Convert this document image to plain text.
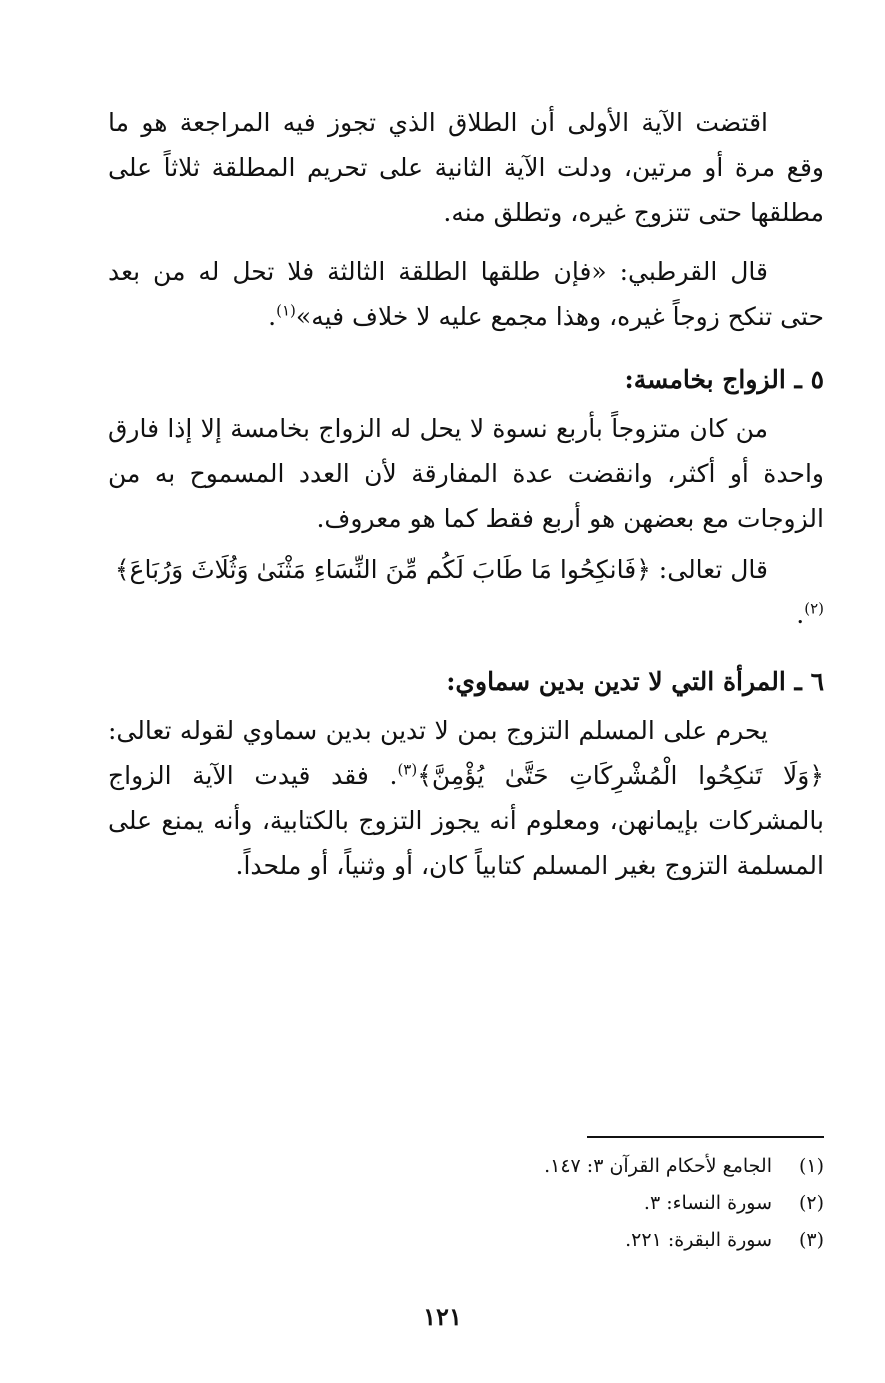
اقتضت الآية الأولى أن الطلاق الذي تجوز فيه المراجعة هو ما وقع مرة أو مرتين، ودلت الآية الثانية على تحريم المطلقة ثلاثاً على مطلقها حتى تتزوج غيره، وتطلق منه.

قال القرطبي: «فإن طلقها الطلقة الثالثة فلا تحل له من بعد حتى تنكح زوجاً غيره، وهذا مجمع عليه لا خلاف فيه»$^{(١)}$.

٥ ـ الزواج بخامسة:

من كان متزوجاً بأربع نسوة لا يحل له الزواج بخامسة إلا إذا فارق واحدة أو أكثر، وانقضت عدة المفارقة لأن العدد المسموح به من الزوجات مع بعضهن هو أربع فقط كما هو معروف.

قال تعالى: ﴿فَانكِحُوا مَا طَابَ لَكُم مِّنَ النِّسَاءِ مَثْنَىٰ وَثُلَاثَ وَرُبَاعَ﴾$^{(٢)}$.

٦ ـ المرأة التي لا تدين بدين سماوي:

يحرم على المسلم التزوج بمن لا تدين بدين سماوي لقوله تعالى: ﴿وَلَا تَنكِحُوا الْمُشْرِكَاتِ حَتَّىٰ يُؤْمِنَّ﴾$^{(٣)}$. فقد قيدت الآية الزواج بالمشركات بإيمانهن، ومعلوم أنه يجوز التزوج بالكتابية، وأنه يمنع على المسلمة التزوج بغير المسلم كتابياً كان، أو وثنياً، أو ملحداً.

(١)
الجامع لأحكام القرآن ٣: ١٤٧.
(٢)
سورة النساء: ٣.
(٣)
سورة البقرة: ٢٢١.
١٢١
